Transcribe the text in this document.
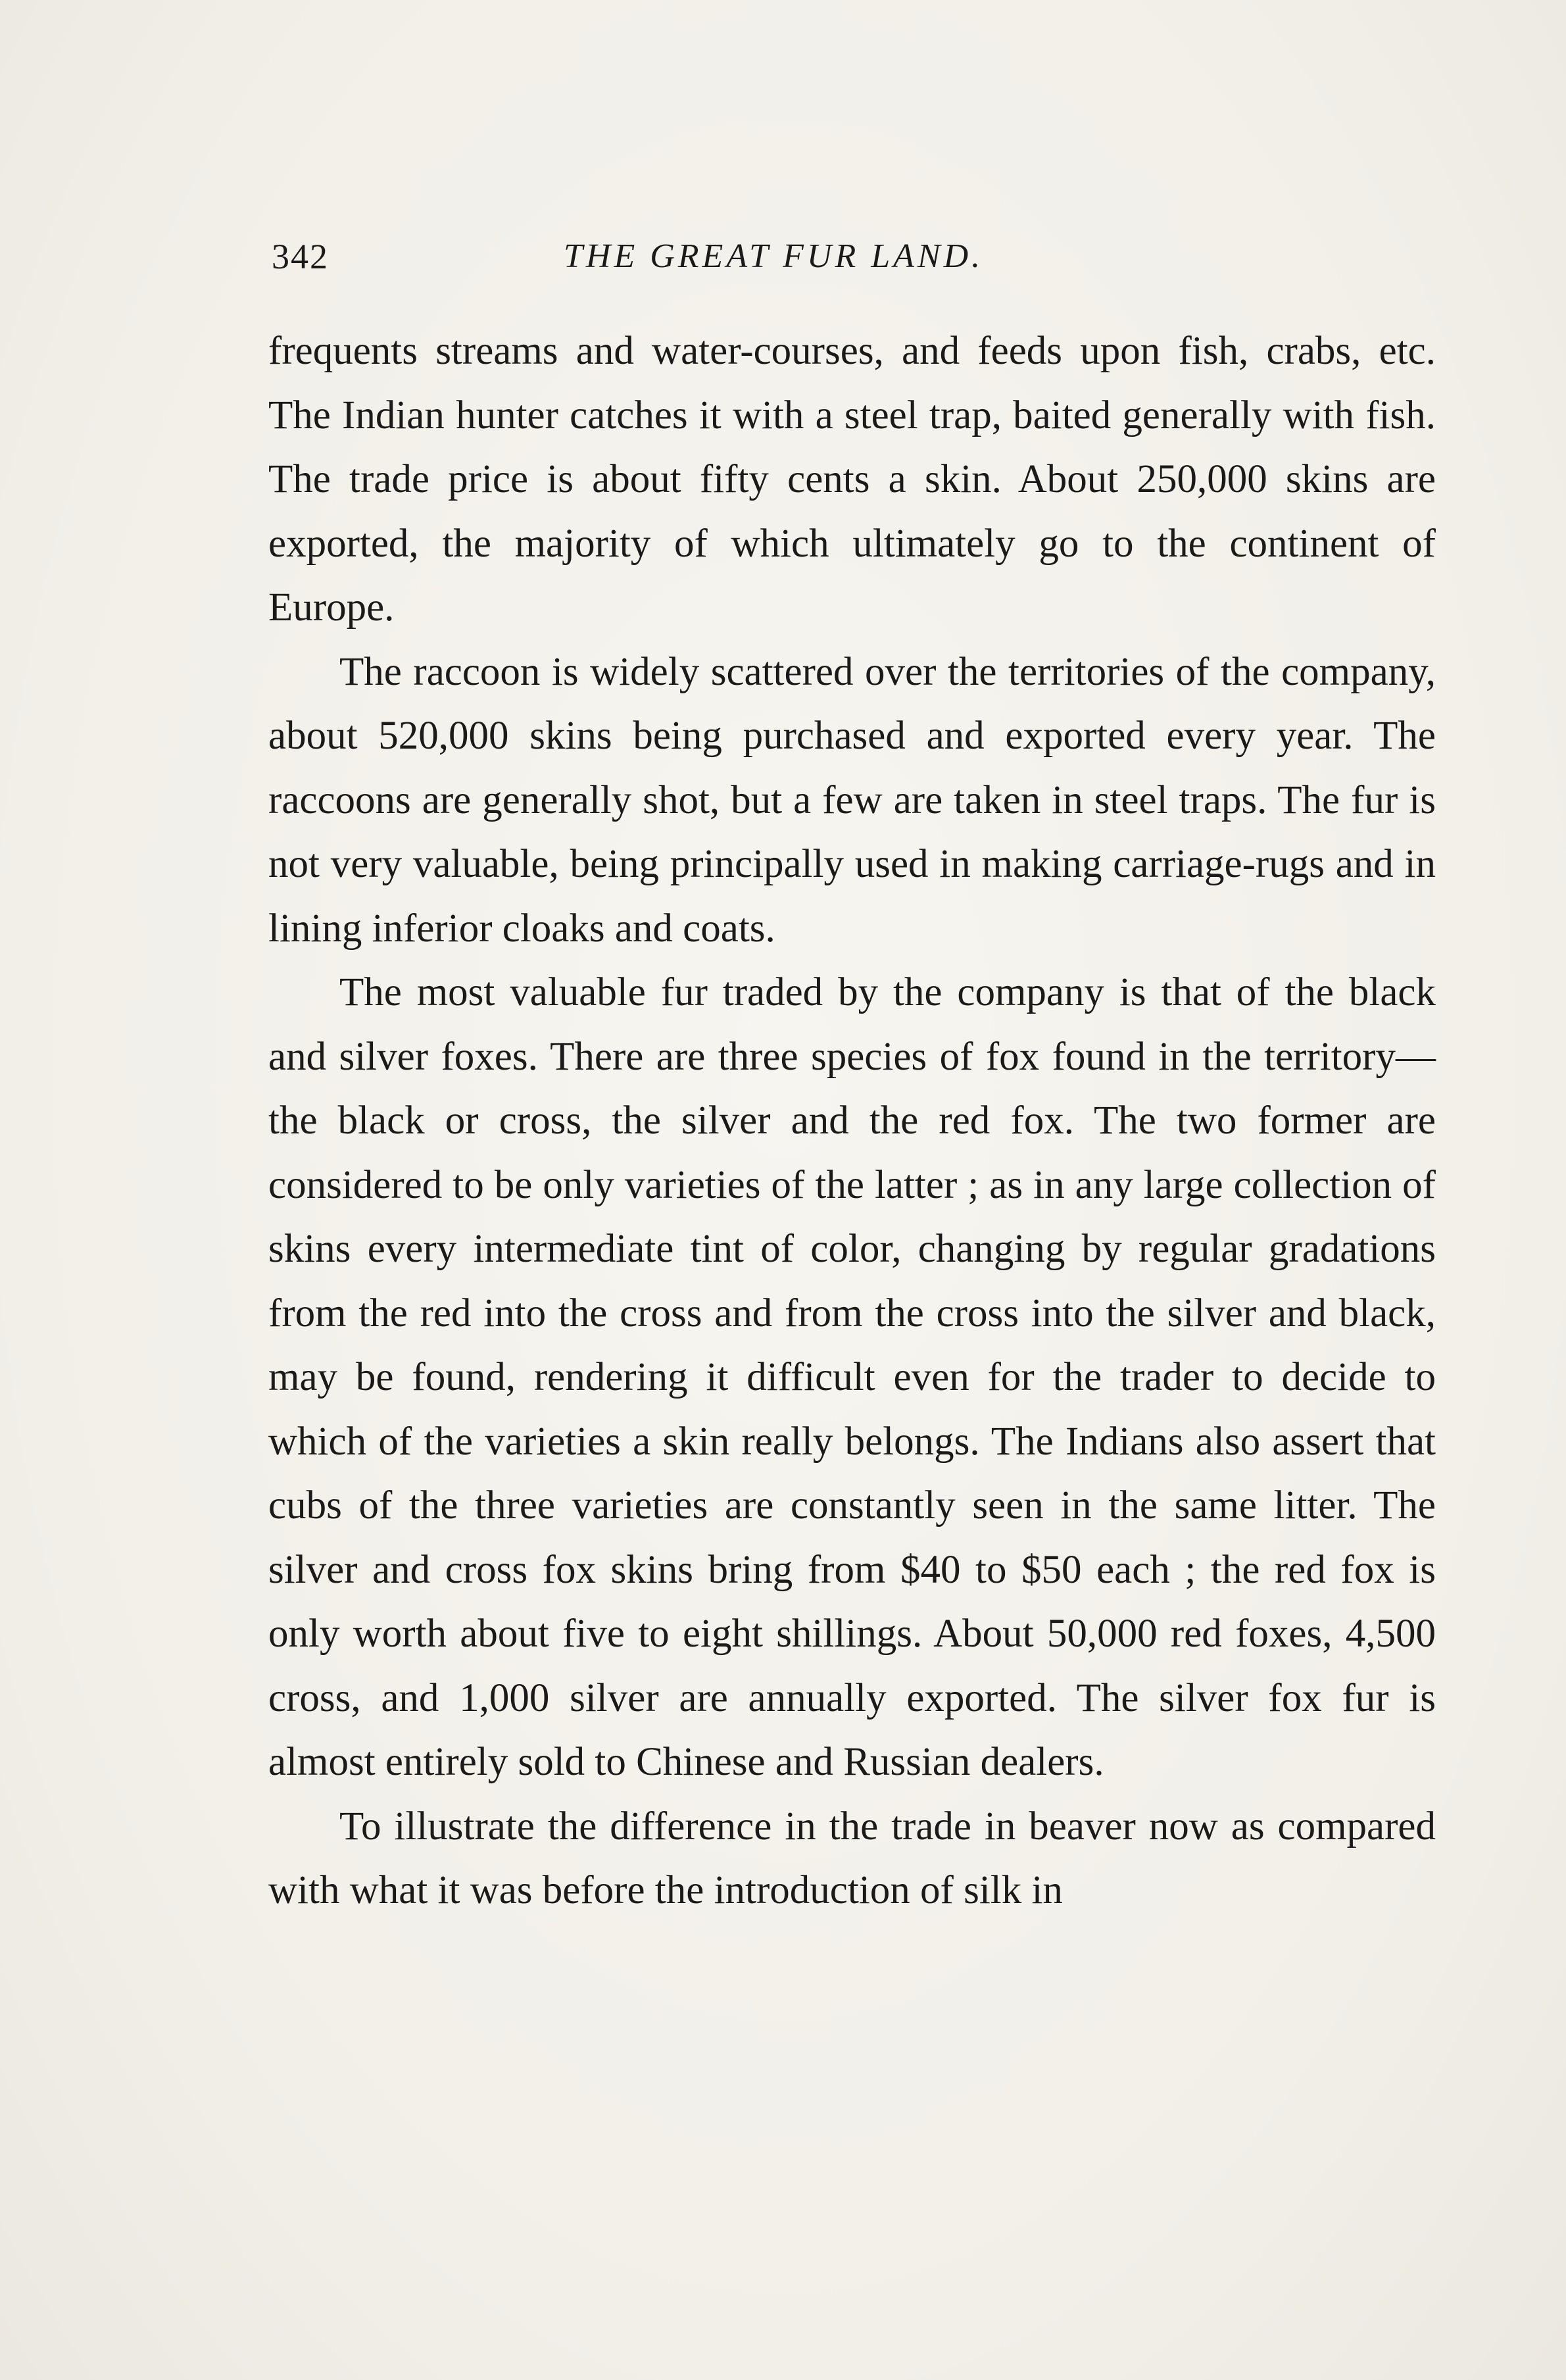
342	THE GREAT FUR LAND.

frequents streams and water-courses, and feeds upon fish, crabs, etc. The Indian hunter catches it with a steel trap, baited generally with fish. The trade price is about fifty cents a skin. About 250,000 skins are exported, the majority of which ultimately go to the continent of Europe.

The raccoon is widely scattered over the territories of the company, about 520,000 skins being purchased and exported every year. The raccoons are generally shot, but a few are taken in steel traps. The fur is not very valuable, being principally used in making carriage-rugs and in lining inferior cloaks and coats.

The most valuable fur traded by the company is that of the black and silver foxes. There are three species of fox found in the territory—the black or cross, the silver and the red fox. The two former are considered to be only varieties of the latter ; as in any large collection of skins every intermediate tint of color, changing by regular gradations from the red into the cross and from the cross into the silver and black, may be found, rendering it difficult even for the trader to decide to which of the varieties a skin really belongs. The Indians also assert that cubs of the three varieties are constantly seen in the same litter. The silver and cross fox skins bring from $40 to $50 each ; the red fox is only worth about five to eight shillings. About 50,000 red foxes, 4,500 cross, and 1,000 silver are annually exported. The silver fox fur is almost entirely sold to Chinese and Russian dealers.

To illustrate the difference in the trade in beaver now as compared with what it was before the introduction of silk in
